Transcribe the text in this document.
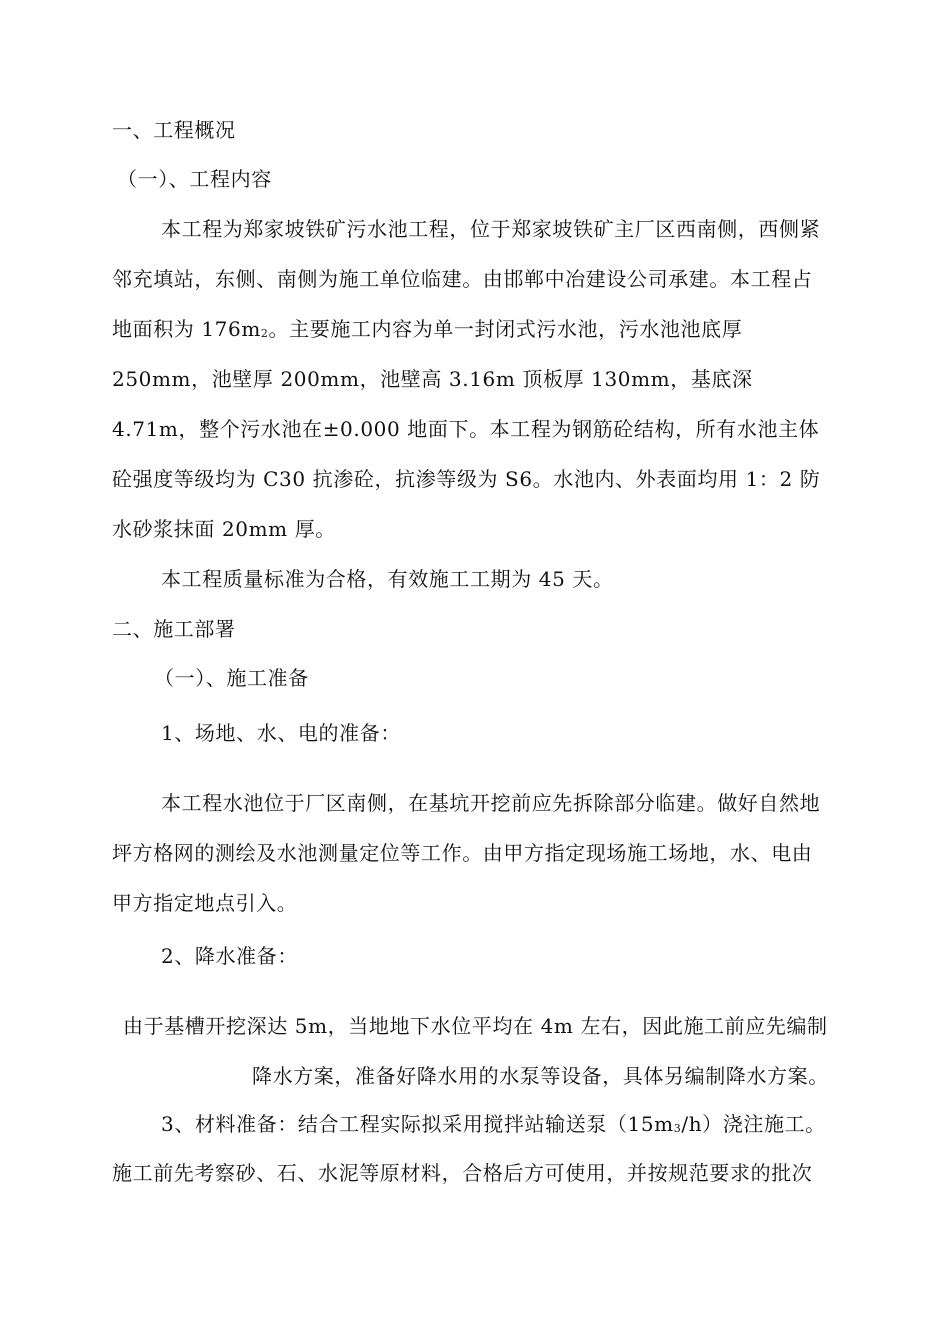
一、工程概况
（一）、工程内容
本工程为郑家坡铁矿污水池工程，位于郑家坡铁矿主厂区西南侧，西侧紧
邻充填站，东侧、南侧为施工单位临建。由邯郸中冶建设公司承建。本工程占
地面积为 $176m_2$。主要施工内容为单一封闭式污水池，污水池池底厚
250mm，池壁厚 200mm，池壁高 3.16m 顶板厚 130mm，基底深
4.71m，整个污水池在±0.000 地面下。本工程为钢筋砼结构，所有水池主体
砼强度等级均为 C30 抗渗砼，抗渗等级为 S6。水池内、外表面均用 1：2 防
水砂浆抹面 20mm 厚。
本工程质量标准为合格，有效施工工期为 45 天。
二、施工部署
（一）、施工准备
1、场地、水、电的准备：
本工程水池位于厂区南侧，在基坑开挖前应先拆除部分临建。做好自然地
坪方格网的测绘及水池测量定位等工作。由甲方指定现场施工场地，水、电由
甲方指定地点引入。
2、降水准备：
由于基槽开挖深达 5m，当地地下水位平均在 4m 左右，因此施工前应先编制
降水方案，准备好降水用的水泵等设备，具体另编制降水方案。
3、材料准备：结合工程实际拟采用搅拌站输送泵$(15m_3/h)$浇注施工。
施工前先考察砂、石、水泥等原材料，合格后方可使用，并按规范要求的批次
